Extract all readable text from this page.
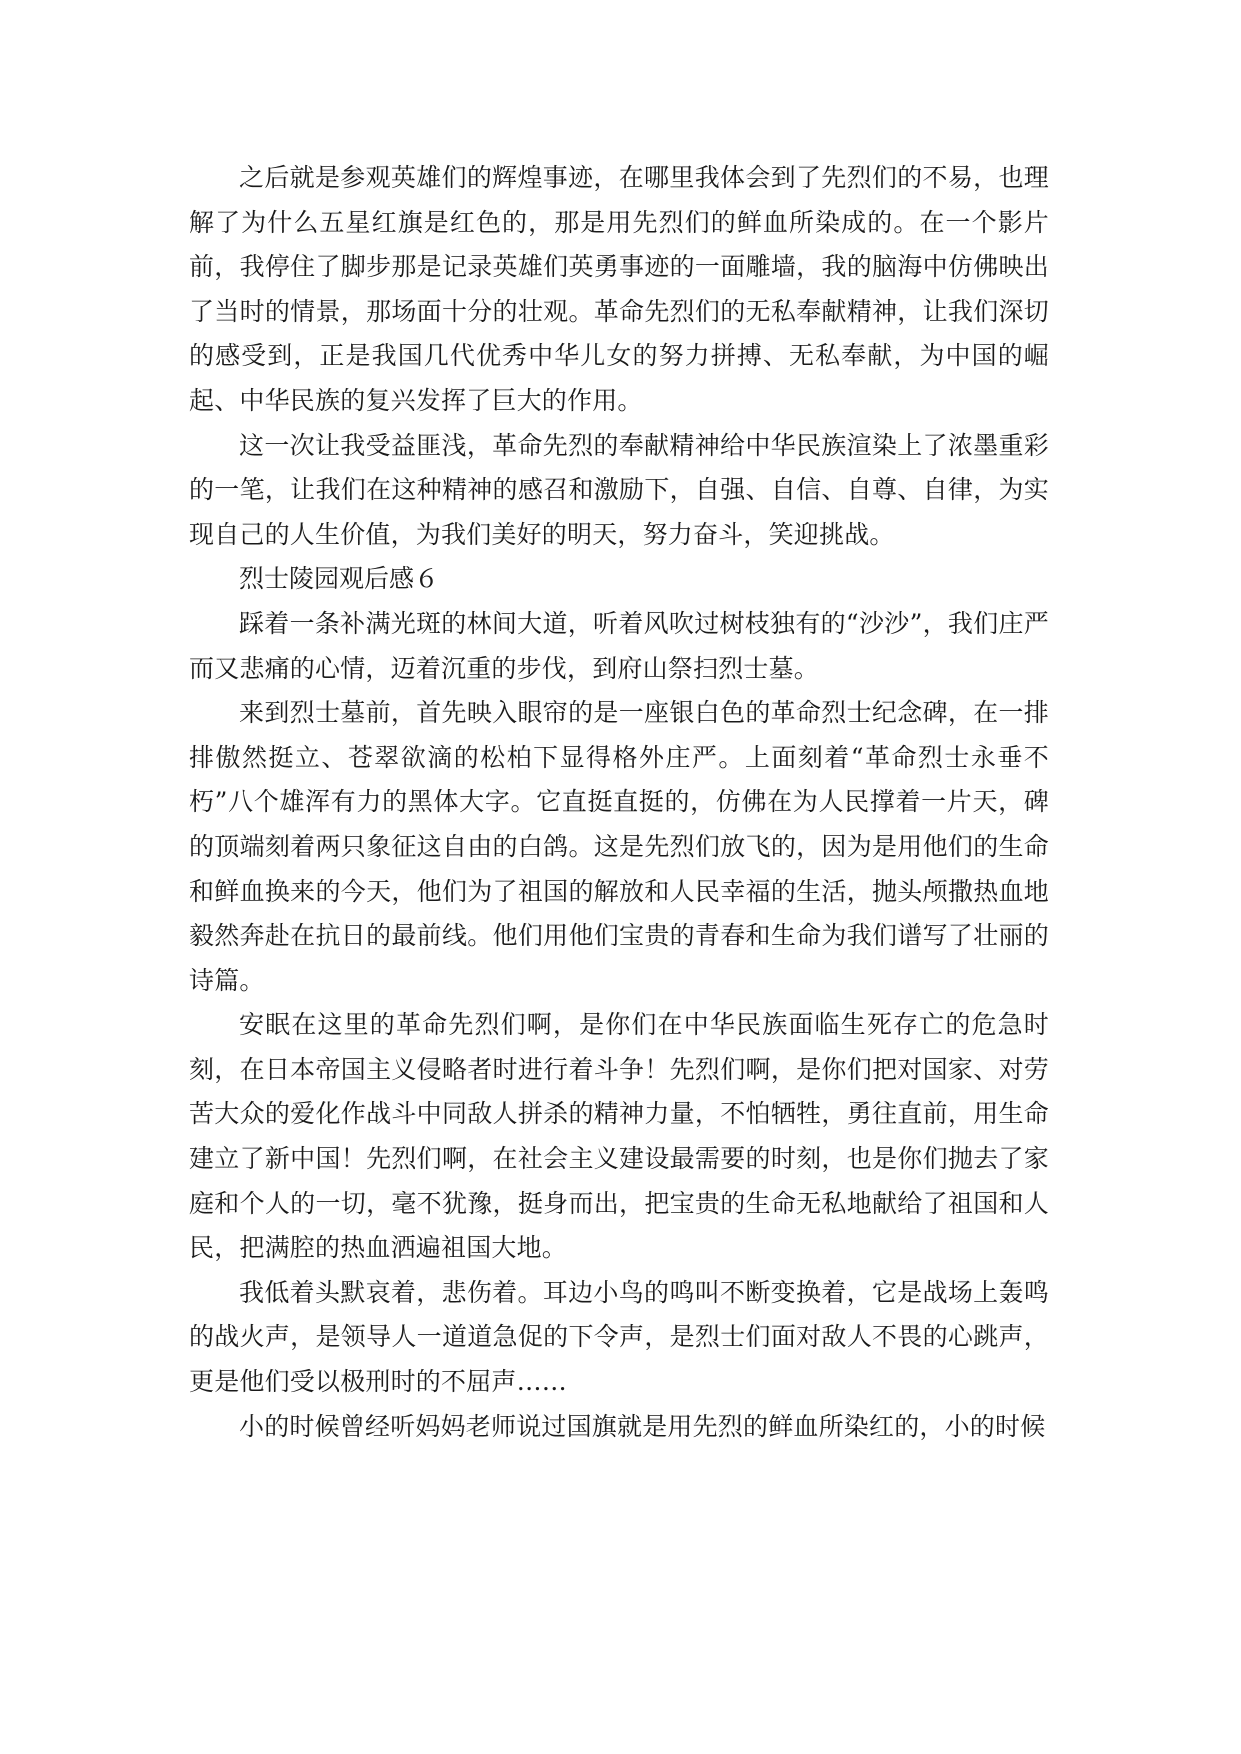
之后就是参观英雄们的辉煌事迹，在哪里我体会到了先烈们的不易，也理解了为什么五星红旗是红色的，那是用先烈们的鲜血所染成的。在一个影片前，我停住了脚步那是记录英雄们英勇事迹的一面雕墙，我的脑海中仿佛映出了当时的情景，那场面十分的壮观。革命先烈们的无私奉献精神，让我们深切的感受到，正是我国几代优秀中华儿女的努力拼搏、无私奉献，为中国的崛起、中华民族的复兴发挥了巨大的作用。

这一次让我受益匪浅，革命先烈的奉献精神给中华民族渲染上了浓墨重彩的一笔，让我们在这种精神的感召和激励下，自强、自信、自尊、自律，为实现自己的人生价值，为我们美好的明天，努力奋斗，笑迎挑战。

烈士陵园观后感６

踩着一条补满光斑的林间大道，听着风吹过树枝独有的“沙沙”，我们庄严而又悲痛的心情，迈着沉重的步伐，到府山祭扫烈士墓。

来到烈士墓前，首先映入眼帘的是一座银白色的革命烈士纪念碑，在一排排傲然挺立、苍翠欲滴的松柏下显得格外庄严。上面刻着“革命烈士永垂不朽”八个雄浑有力的黑体大字。它直挺直挺的，仿佛在为人民撑着一片天，碑的顶端刻着两只象征这自由的白鸽。这是先烈们放飞的，因为是用他们的生命和鲜血换来的今天，他们为了祖国的解放和人民幸福的生活，抛头颅撒热血地毅然奔赴在抗日的最前线。他们用他们宝贵的青春和生命为我们谱写了壮丽的诗篇。

安眠在这里的革命先烈们啊，是你们在中华民族面临生死存亡的危急时刻，在日本帝国主义侵略者时进行着斗争！先烈们啊，是你们把对国家、对劳苦大众的爱化作战斗中同敌人拼杀的精神力量，不怕牺牲，勇往直前，用生命建立了新中国！先烈们啊，在社会主义建设最需要的时刻，也是你们抛去了家庭和个人的一切，毫不犹豫，挺身而出，把宝贵的生命无私地献给了祖国和人民，把满腔的热血洒遍祖国大地。

我低着头默哀着，悲伤着。耳边小鸟的鸣叫不断变换着，它是战场上轰鸣的战火声，是领导人一道道急促的下令声，是烈士们面对敌人不畏的心跳声，更是他们受以极刑时的不屈声……

小的时候曾经听妈妈老师说过国旗就是用先烈的鲜血所染红的，小的时候
